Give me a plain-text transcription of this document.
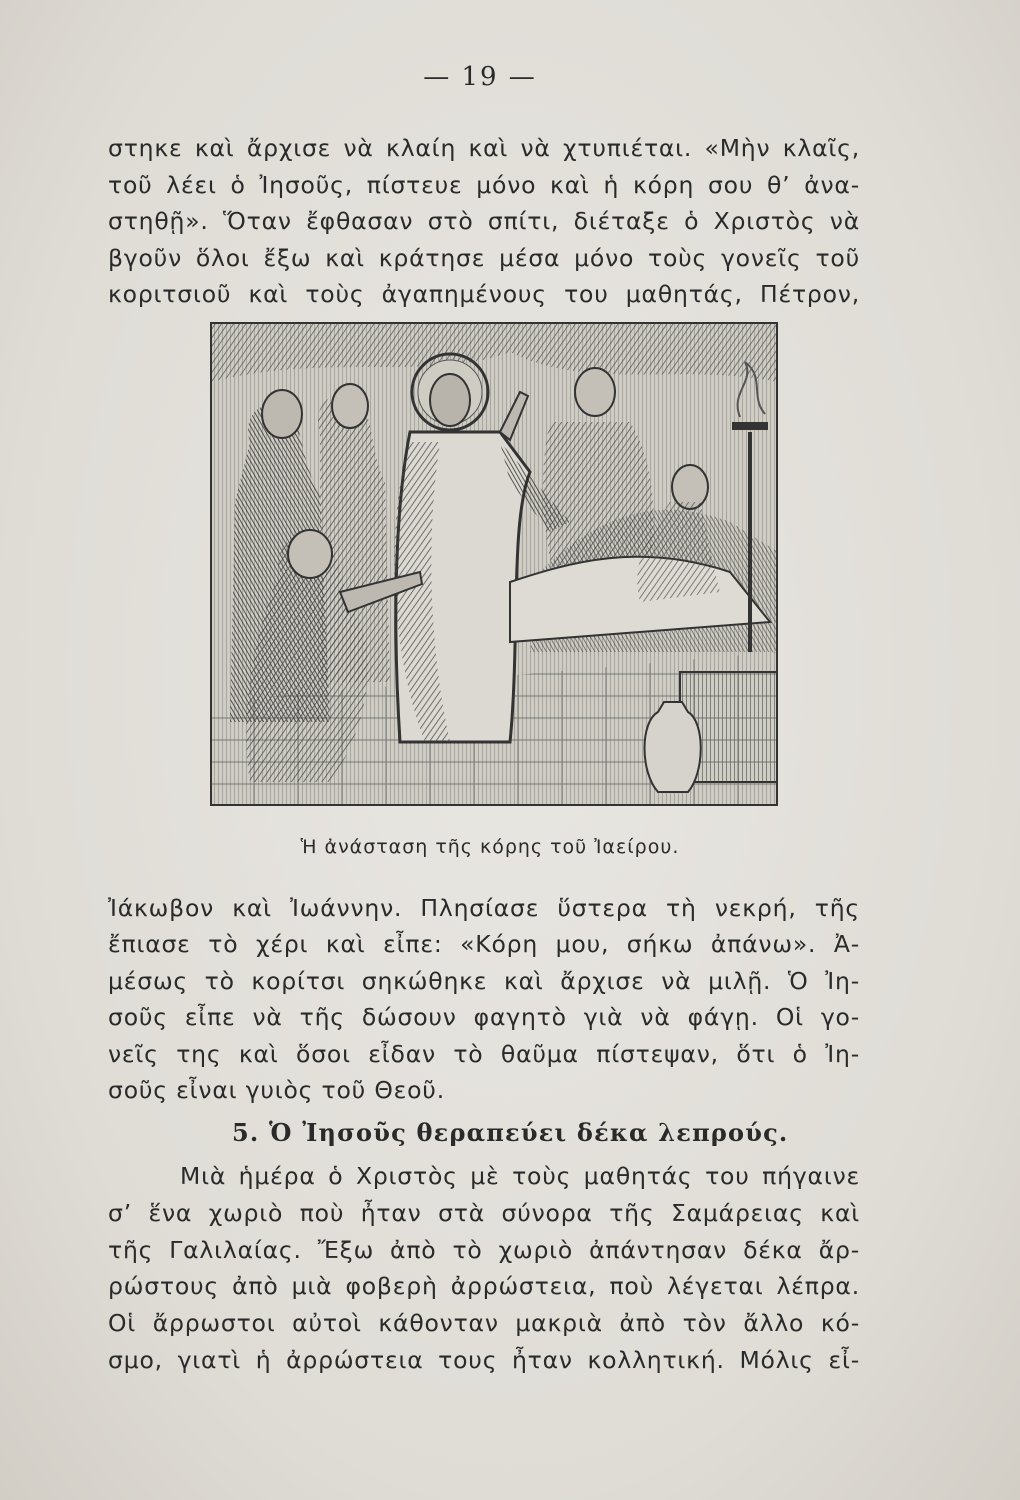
— 19 —
στηκε καὶ ἄρχισε νὰ κλαίη καὶ νὰ χτυπιέται. «Μὴν κλαῖς,
τοῦ λέει ὁ Ἰησοῦς, πίστευε μόνο καὶ ἡ κόρη σου θ’ ἀνα-
στηθῇ». Ὅταν ἔφθασαν στὸ σπίτι, διέταξε ὁ Χριστὸς νὰ
βγοῦν ὅλοι ἔξω καὶ κράτησε μέσα μόνο τοὺς γονεῖς τοῦ
κοριτσιοῦ καὶ τοὺς ἀγαπημένους του μαθητάς, Πέτρον,
Ἡ ἀνάσταση τῆς κόρης τοῦ Ἰαείρου.
Ἰάκωβον καὶ Ἰωάννην. Πλησίασε ὕστερα τὴ νεκρή, τῆς
ἔπιασε τὸ χέρι καὶ εἶπε: «Κόρη μου, σήκω ἀπάνω». Ἀ-
μέσως τὸ κορίτσι σηκώθηκε καὶ ἄρχισε νὰ μιλῇ. Ὁ Ἰη-
σοῦς εἶπε νὰ τῆς δώσουν φαγητὸ γιὰ νὰ φάγῃ. Οἱ γο-
νεῖς της καὶ ὅσοι εἶδαν τὸ θαῦμα πίστεψαν, ὅτι ὁ Ἰη-
σοῦς εἶναι γυιὸς τοῦ Θεοῦ.
5. Ὁ Ἰησοῦς θεραπεύει δέκα λεπρούς.
Μιὰ ἡμέρα ὁ Χριστὸς μὲ τοὺς μαθητάς του πήγαινε
σ’ ἕνα χωριὸ ποὺ ἦταν στὰ σύνορα τῆς Σαμάρειας καὶ
τῆς Γαλιλαίας. Ἔξω ἀπὸ τὸ χωριὸ ἀπάντησαν δέκα ἄρ-
ρώστους ἀπὸ μιὰ φοβερὴ ἀρρώστεια, ποὺ λέγεται λέπρα.
Οἱ ἄρρωστοι αὐτοὶ κάθονταν μακριὰ ἀπὸ τὸν ἄλλο κό-
σμο, γιατὶ ἡ ἀρρώστεια τους ἦταν κολλητική. Μόλις εἶ-
